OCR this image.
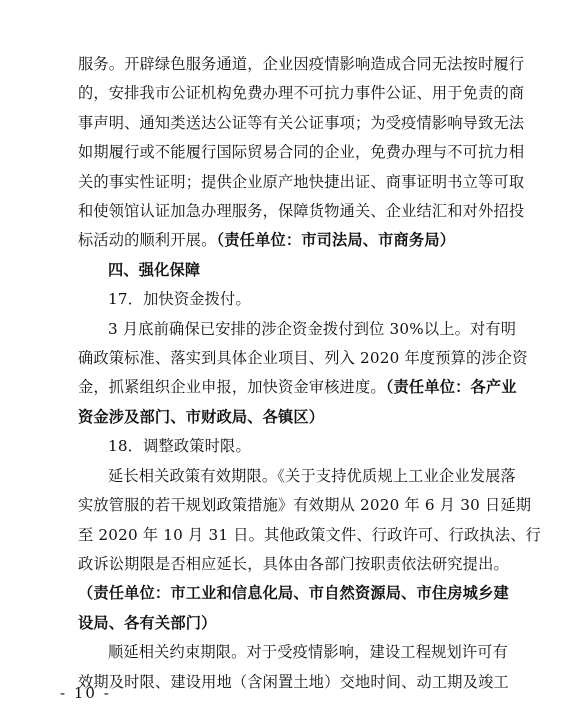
服务。开辟绿色服务通道，企业因疫情影响造成合同无法按时履行
的，安排我市公证机构免费办理不可抗力事件公证、用于免责的商
事声明、通知类送达公证等有关公证事项；为受疫情影响导致无法
如期履行或不能履行国际贸易合同的企业，免费办理与不可抗力相
关的事实性证明；提供企业原产地快捷出证、商事证明书立等可取
和使领馆认证加急办理服务，保障货物通关、企业结汇和对外招投
标活动的顺利开展。（责任单位：市司法局、市商务局）
四、强化保障
17．加快资金拨付。
3 月底前确保已安排的涉企资金拨付到位 30%以上。对有明
确政策标准、落实到具体企业项目、列入 2020 年度预算的涉企资
金，抓紧组织企业申报，加快资金审核进度。（责任单位：各产业
资金涉及部门、市财政局、各镇区）
18．调整政策时限。
延长相关政策有效期限。《关于支持优质规上工业企业发展落
实放管服的若干规划政策措施》有效期从 2020 年 6 月 30 日延期
至 2020 年 10 月 31 日。其他政策文件、行政许可、行政执法、行
政诉讼期限是否相应延长，具体由各部门按职责依法研究提出。
（责任单位：市工业和信息化局、市自然资源局、市住房城乡建
设局、各有关部门）
顺延相关约束期限。对于受疫情影响，建设工程规划许可有
效期及时限、建设用地（含闲置土地）交地时间、动工期及竣工
- 10 -
